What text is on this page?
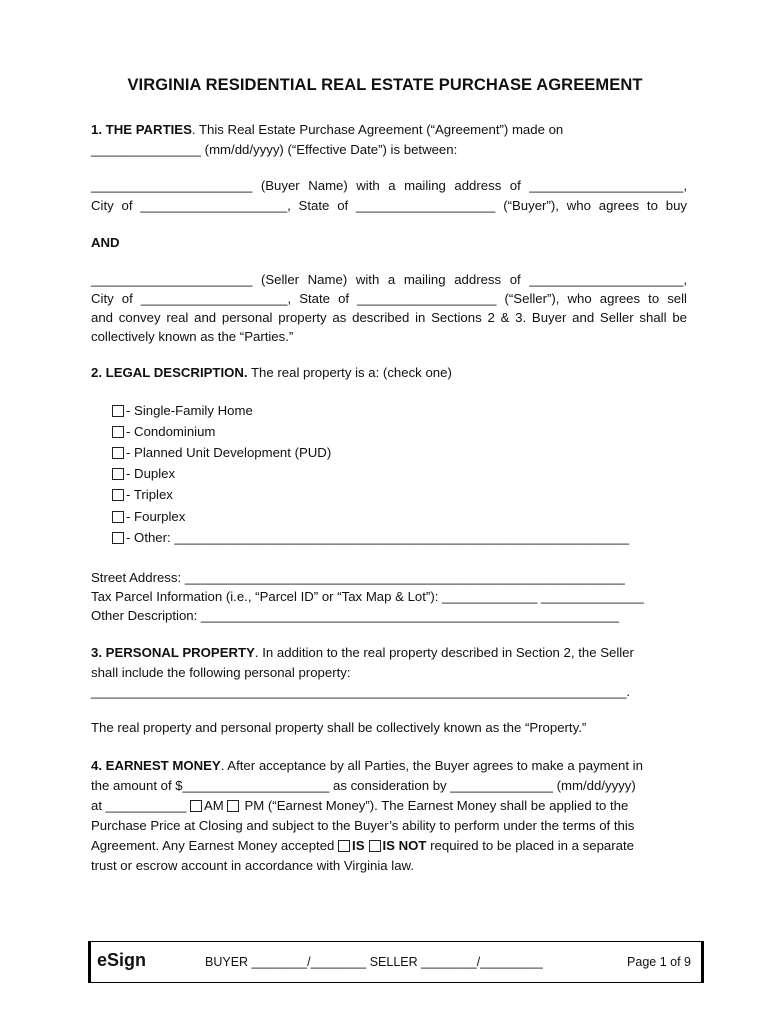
VIRGINIA RESIDENTIAL REAL ESTATE PURCHASE AGREEMENT
1. THE PARTIES. This Real Estate Purchase Agreement (“Agreement”) made on
_______________ (mm/dd/yyyy) (“Effective Date”) is between:
______________________ (Buyer Name) with a mailing address of _____________________,
City of ____________________, State of ___________________ (“Buyer”), who agrees to buy
AND
______________________ (Seller Name) with a mailing address of _____________________,
City of ____________________, State of ___________________ (“Seller”), who agrees to sell
and convey real and personal property as described in Sections 2 & 3. Buyer and Seller shall be
collectively known as the “Parties.”
2. LEGAL DESCRIPTION. The real property is a: (check one)
- Single-Family Home
- Condominium
- Planned Unit Development (PUD)
- Duplex
- Triplex
- Fourplex
- Other: ______________________________________________________________
Street Address: ____________________________________________________________
Tax Parcel Information (i.e., “Parcel ID” or “Tax Map & Lot”): _____________ ______________
Other Description: _________________________________________________________
3. PERSONAL PROPERTY. In addition to the real property described in Section 2, the Seller
shall include the following personal property:
_________________________________________________________________________.
The real property and personal property shall be collectively known as the “Property.”
4. EARNEST MONEY. After acceptance by all Parties, the Buyer agrees to make a payment in
the amount of $____________________ as consideration by ______________ (mm/dd/yyyy)
at ___________ AM PM (“Earnest Money”). The Earnest Money shall be applied to the
Purchase Price at Closing and subject to the Buyer’s ability to perform under the terms of this
Agreement. Any Earnest Money accepted IS IS NOT required to be placed in a separate
trust or escrow account in accordance with Virginia law.
eSign	BUYER ________/________ SELLER ________/_________	Page 1 of 9
